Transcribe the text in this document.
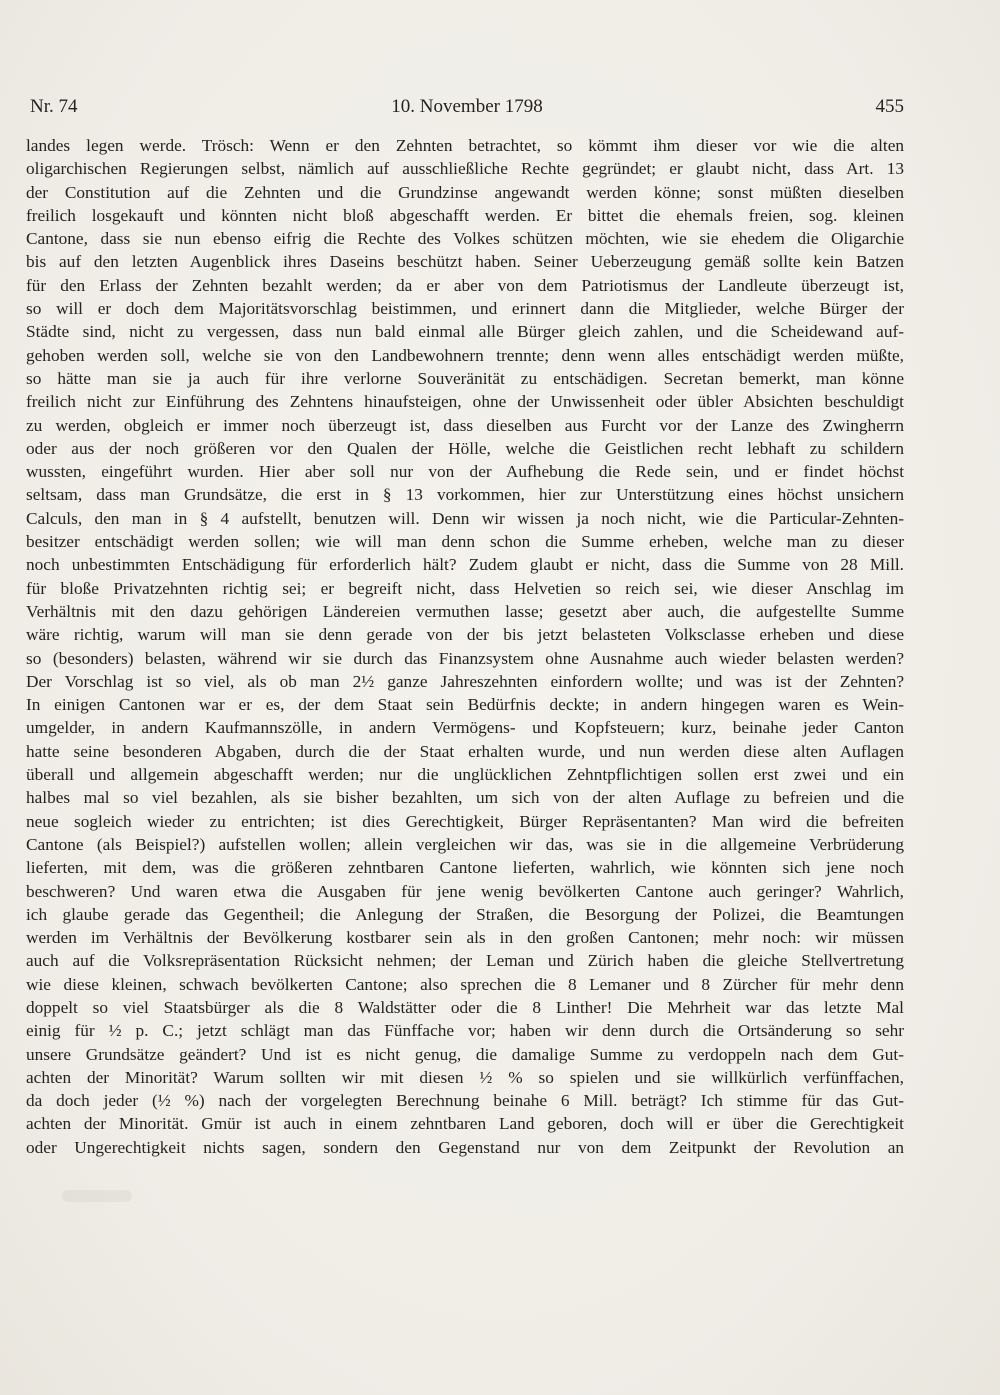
Nr. 74	10. November 1798	455
landes legen werde. Trösch: Wenn er den Zehnten betrachtet, so kömmt ihm dieser vor wie die alten
oligarchischen Regierungen selbst, nämlich auf ausschließliche Rechte gegründet; er glaubt nicht, dass Art. 13
der Constitution auf die Zehnten und die Grundzinse angewandt werden könne; sonst müßten dieselben
freilich losgekauft und könnten nicht bloß abgeschafft werden. Er bittet die ehemals freien, sog. kleinen
Cantone, dass sie nun ebenso eifrig die Rechte des Volkes schützen möchten, wie sie ehedem die Oligarchie
bis auf den letzten Augenblick ihres Daseins beschützt haben. Seiner Ueberzeugung gemäß sollte kein Batzen
für den Erlass der Zehnten bezahlt werden; da er aber von dem Patriotismus der Landleute überzeugt ist,
so will er doch dem Majoritätsvorschlag beistimmen, und erinnert dann die Mitglieder, welche Bürger der
Städte sind, nicht zu vergessen, dass nun bald einmal alle Bürger gleich zahlen, und die Scheidewand auf-
gehoben werden soll, welche sie von den Landbewohnern trennte; denn wenn alles entschädigt werden müßte,
so hätte man sie ja auch für ihre verlorne Souveränität zu entschädigen. Secretan bemerkt, man könne
freilich nicht zur Einführung des Zehntens hinaufsteigen, ohne der Unwissenheit oder übler Absichten beschuldigt
zu werden, obgleich er immer noch überzeugt ist, dass dieselben aus Furcht vor der Lanze des Zwingherrn
oder aus der noch größeren vor den Qualen der Hölle, welche die Geistlichen recht lebhaft zu schildern
wussten, eingeführt wurden. Hier aber soll nur von der Aufhebung die Rede sein, und er findet höchst
seltsam, dass man Grundsätze, die erst in § 13 vorkommen, hier zur Unterstützung eines höchst unsichern
Calculs, den man in § 4 aufstellt, benutzen will. Denn wir wissen ja noch nicht, wie die Particular-Zehnten-
besitzer entschädigt werden sollen; wie will man denn schon die Summe erheben, welche man zu dieser
noch unbestimmten Entschädigung für erforderlich hält? Zudem glaubt er nicht, dass die Summe von 28 Mill.
für bloße Privatzehnten richtig sei; er begreift nicht, dass Helvetien so reich sei, wie dieser Anschlag im
Verhältnis mit den dazu gehörigen Ländereien vermuthen lasse; gesetzt aber auch, die aufgestellte Summe
wäre richtig, warum will man sie denn gerade von der bis jetzt belasteten Volksclasse erheben und diese
so (besonders) belasten, während wir sie durch das Finanzsystem ohne Ausnahme auch wieder belasten werden?
Der Vorschlag ist so viel, als ob man 2½ ganze Jahreszehnten einfordern wollte; und was ist der Zehnten?
In einigen Cantonen war er es, der dem Staat sein Bedürfnis deckte; in andern hingegen waren es Wein-
umgelder, in andern Kaufmannszölle, in andern Vermögens- und Kopfsteuern; kurz, beinahe jeder Canton
hatte seine besonderen Abgaben, durch die der Staat erhalten wurde, und nun werden diese alten Auflagen
überall und allgemein abgeschafft werden; nur die unglücklichen Zehntpflichtigen sollen erst zwei und ein
halbes mal so viel bezahlen, als sie bisher bezahlten, um sich von der alten Auflage zu befreien und die
neue sogleich wieder zu entrichten; ist dies Gerechtigkeit, Bürger Repräsentanten? Man wird die befreiten
Cantone (als Beispiel?) aufstellen wollen; allein vergleichen wir das, was sie in die allgemeine Verbrüderung
lieferten, mit dem, was die größeren zehntbaren Cantone lieferten, wahrlich, wie könnten sich jene noch
beschweren? Und waren etwa die Ausgaben für jene wenig bevölkerten Cantone auch geringer? Wahrlich,
ich glaube gerade das Gegentheil; die Anlegung der Straßen, die Besorgung der Polizei, die Beamtungen
werden im Verhältnis der Bevölkerung kostbarer sein als in den großen Cantonen; mehr noch: wir müssen
auch auf die Volksrepräsentation Rücksicht nehmen; der Leman und Zürich haben die gleiche Stellvertretung
wie diese kleinen, schwach bevölkerten Cantone; also sprechen die 8 Lemaner und 8 Zürcher für mehr denn
doppelt so viel Staatsbürger als die 8 Waldstätter oder die 8 Linther! Die Mehrheit war das letzte Mal
einig für ½ p. C.; jetzt schlägt man das Fünffache vor; haben wir denn durch die Ortsänderung so sehr
unsere Grundsätze geändert? Und ist es nicht genug, die damalige Summe zu verdoppeln nach dem Gut-
achten der Minorität? Warum sollten wir mit diesen ½ % so spielen und sie willkürlich verfünffachen,
da doch jeder (½ %) nach der vorgelegten Berechnung beinahe 6 Mill. beträgt? Ich stimme für das Gut-
achten der Minorität. Gmür ist auch in einem zehntbaren Land geboren, doch will er über die Gerechtigkeit
oder Ungerechtigkeit nichts sagen, sondern den Gegenstand nur von dem Zeitpunkt der Revolution an
